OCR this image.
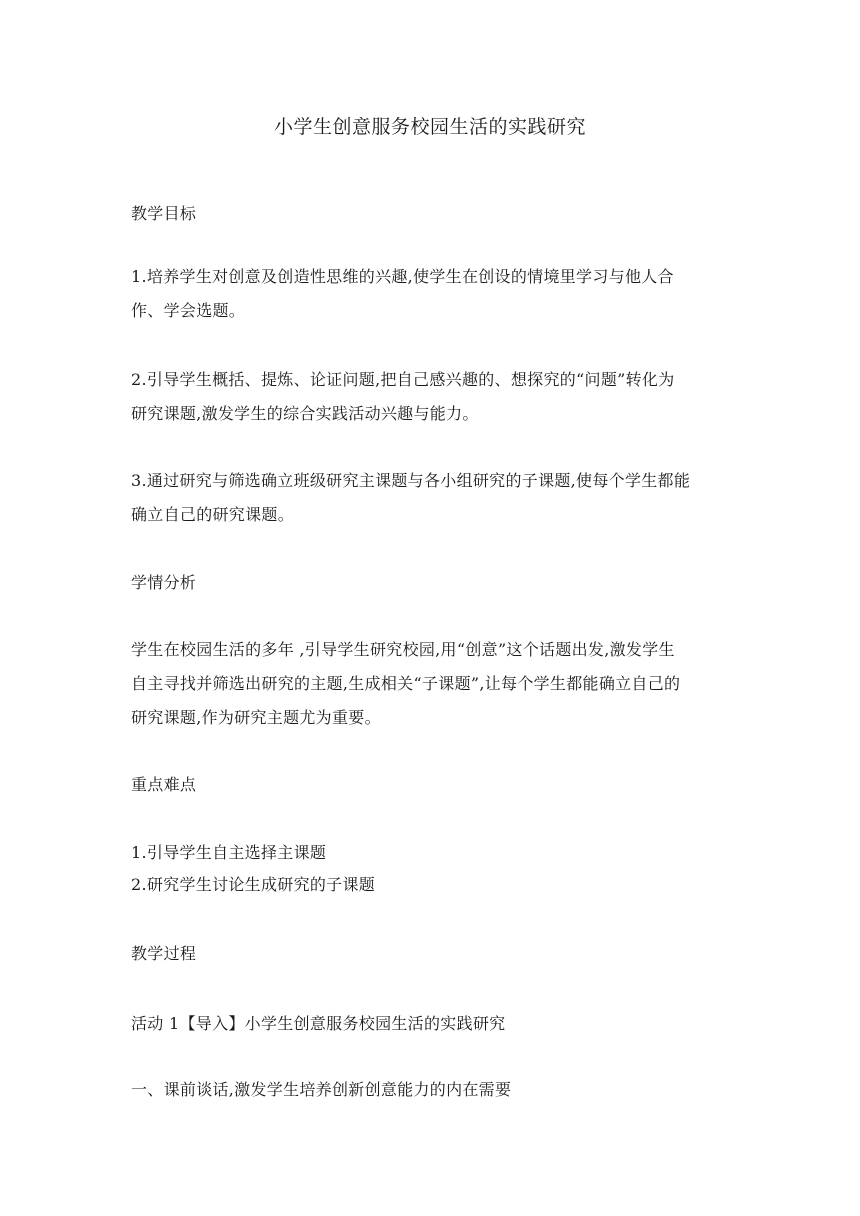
小学生创意服务校园生活的实践研究
教学目标
1.培养学生对创意及创造性思维的兴趣,使学生在创设的情境里学习与他人合
作、学会选题。
2.引导学生概括、提炼、论证问题,把自己感兴趣的、想探究的“问题”转化为
研究课题,激发学生的综合实践活动兴趣与能力。
3.通过研究与筛选确立班级研究主课题与各小组研究的子课题,使每个学生都能
确立自己的研究课题。
学情分析
学生在校园生活的多年 ,引导学生研究校园,用“创意”这个话题出发,激发学生
自主寻找并筛选出研究的主题,生成相关“子课题”,让每个学生都能确立自己的
研究课题,作为研究主题尤为重要。
重点难点
1.引导学生自主选择主课题
2.研究学生讨论生成研究的子课题
教学过程
活动 1【导入】小学生创意服务校园生活的实践研究
一、课前谈话,激发学生培养创新创意能力的内在需要
